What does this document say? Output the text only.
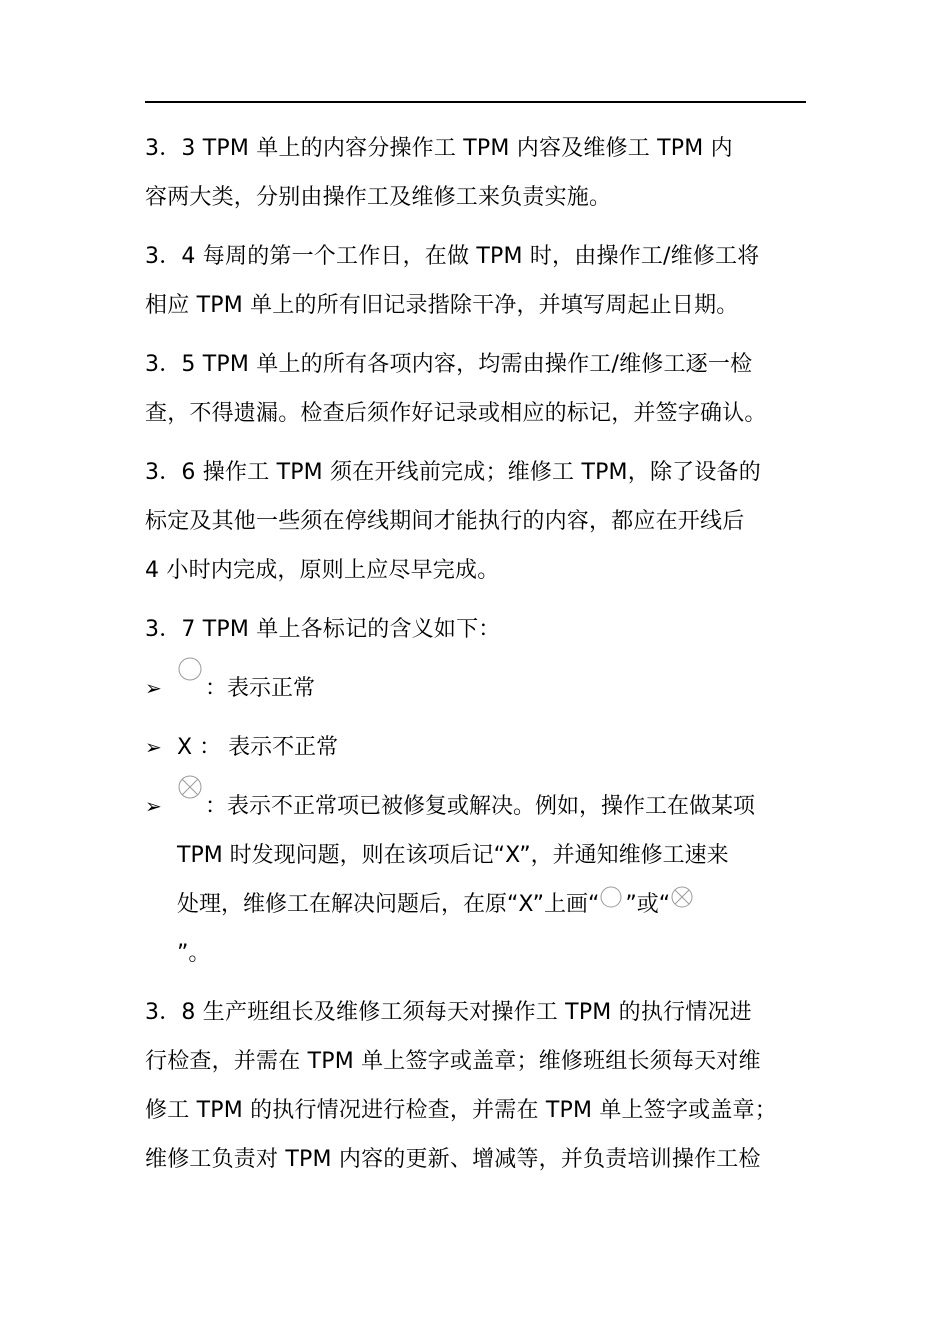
3．3 TPM 单上的内容分操作工 TPM 内容及维修工 TPM 内
容两大类，分别由操作工及维修工来负责实施。
3．4 每周的第一个工作日，在做 TPM 时，由操作工/维修工将
相应 TPM 单上的所有旧记录揩除干净，并填写周起止日期。
3．5 TPM 单上的所有各项内容，均需由操作工/维修工逐一检
查，不得遗漏。检查后须作好记录或相应的标记，并签字确认。
3．6 操作工 TPM 须在开线前完成；维修工 TPM，除了设备的
标定及其他一些须在停线期间才能执行的内容，都应在开线后
4 小时内完成，原则上应尽早完成。
3．7 TPM 单上各标记的含义如下：
➢ ：表示正常
➢ X ： 表示不正常
➢ ：表示不正常项已被修复或解决。例如，操作工在做某项
TPM 时发现问题，则在该项后记“X”，并通知维修工速来
处理，维修工在解决问题后，在原“X”上画“ ”或“
”。
3．8 生产班组长及维修工须每天对操作工 TPM 的执行情况进
行检查，并需在 TPM 单上签字或盖章；维修班组长须每天对维
修工 TPM 的执行情况进行检查，并需在 TPM 单上签字或盖章；
维修工负责对 TPM 内容的更新、增减等，并负责培训操作工检
